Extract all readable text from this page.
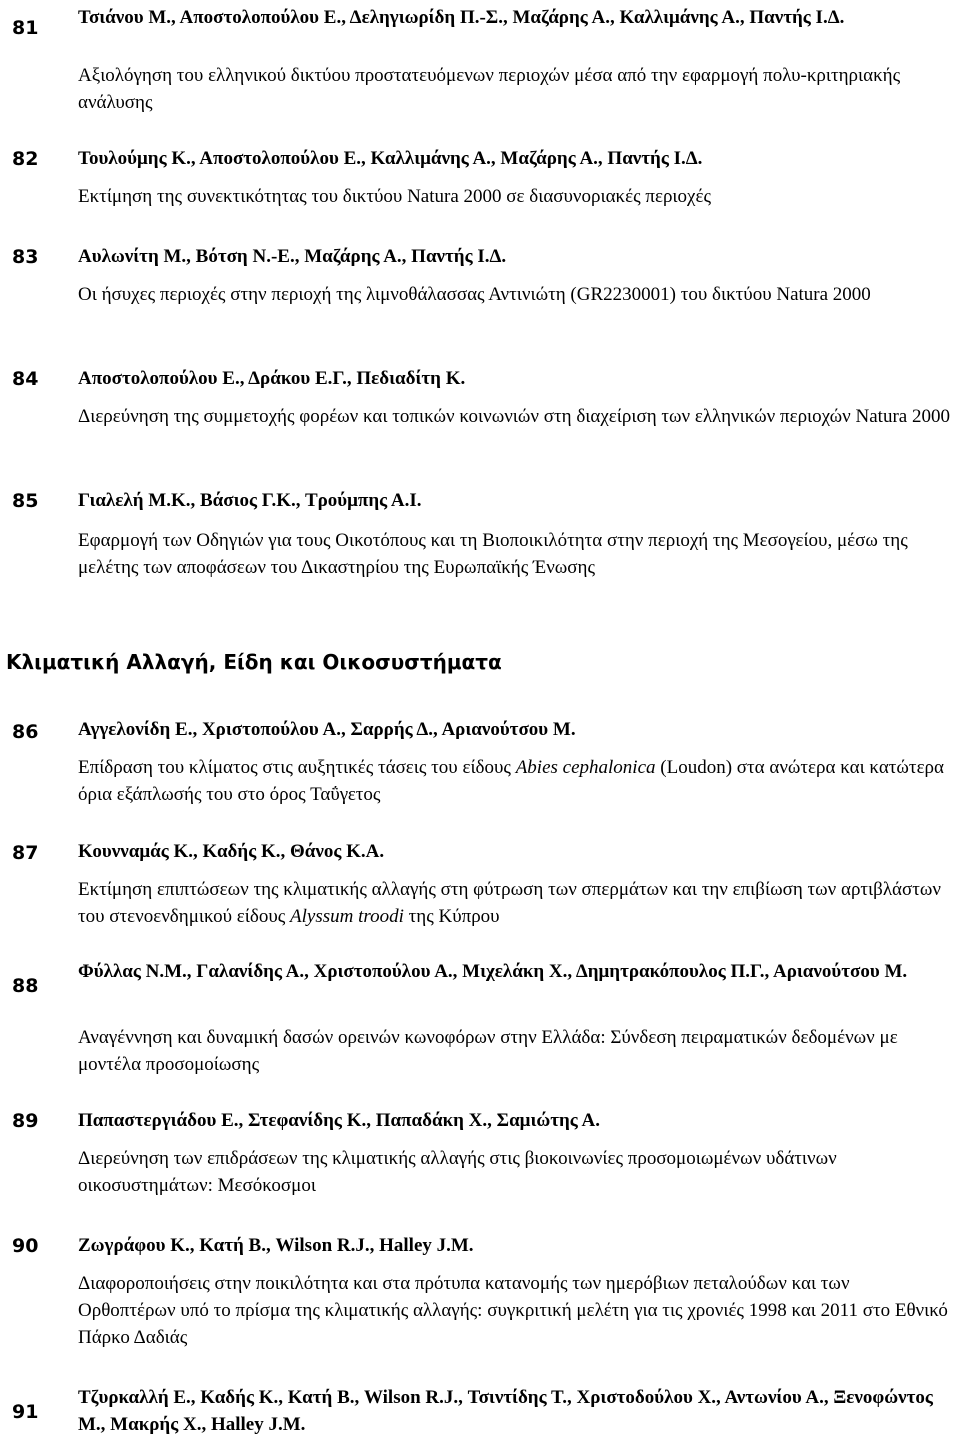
81 Τσιάνου Μ., Αποστολοπούλου Ε., Δεληγιωρίδη Π.-Σ., Μαζάρης Α., Καλλιμάνης Α., Παντής Ι.Δ.
Αξιολόγηση του ελληνικού δικτύου προστατευόμενων περιοχών μέσα από την εφαρμογή πολυ-κριτηριακής ανάλυσης
82 Τουλούμης Κ., Αποστολοπούλου Ε., Καλλιμάνης Α., Μαζάρης Α., Παντής Ι.Δ.
Εκτίμηση της συνεκτικότητας του δικτύου Natura 2000 σε διασυνοριακές περιοχές
83 Αυλωνίτη Μ., Βότση Ν.-Ε., Μαζάρης Α., Παντής Ι.Δ.
Οι ήσυχες περιοχές στην περιοχή της λιμνοθάλασσας Αντινιώτη (GR2230001) του δικτύου Natura 2000
84 Αποστολοπούλου Ε., Δράκου Ε.Γ., Πεδιαδίτη Κ.
Διερεύνηση της συμμετοχής φορέων και τοπικών κοινωνιών στη διαχείριση των ελληνικών περιοχών Natura 2000
85 Γιαλελή Μ.Κ., Βάσιος Γ.Κ., Τρούμπης Α.Ι.
Εφαρμογή των Οδηγιών για τους Οικοτόπους και τη Βιοποικιλότητα στην περιοχή της Μεσογείου, μέσω της μελέτης των αποφάσεων του Δικαστηρίου της Ευρωπαϊκής Ένωσης
Κλιματική Αλλαγή, Είδη και Οικοσυστήματα
86 Αγγελονίδη Ε., Χριστοπούλου Α., Σαρρής Δ., Αριανούτσου Μ.
Επίδραση του κλίματος στις αυξητικές τάσεις του είδους Abies cephalonica (Loudon) στα ανώτερα και κατώτερα όρια εξάπλωσής του στο όρος Ταΰγετος
87 Κουνναμάς Κ., Καδής Κ., Θάνος Κ.Α.
Εκτίμηση επιπτώσεων της κλιματικής αλλαγής στη φύτρωση των σπερμάτων και την επιβίωση των αρτιβλάστων του στενοενδημικού είδους Alyssum troodi της Κύπρου
88
Φύλλας Ν.Μ., Γαλανίδης Α., Χριστοπούλου Α., Μιχελάκη Χ., Δημητρακόπουλος Π.Γ., Αριανούτσου Μ.
Αναγέννηση και δυναμική δασών ορεινών κωνοφόρων στην Ελλάδα: Σύνδεση πειραματικών δεδομένων με μοντέλα προσομοίωσης
89 Παπαστεργιάδου Ε., Στεφανίδης Κ., Παπαδάκη Χ., Σαμιώτης Α.
Διερεύνηση των επιδράσεων της κλιματικής αλλαγής στις βιοκοινωνίες προσομοιωμένων υδάτινων οικοσυστημάτων: Μεσόκοσμοι
90 Ζωγράφου Κ., Κατή Β., Wilson R.J., Halley J.M.
Διαφοροποιήσεις στην ποικιλότητα και στα πρότυπα κατανομής των ημερόβιων πεταλούδων και των Ορθοπτέρων υπό το πρίσμα της κλιματικής αλλαγής: συγκριτική μελέτη για τις χρονιές 1998 και 2011 στο Εθνικό Πάρκο Δαδιάς
91
Τζυρκαλλή Ε., Καδής Κ., Κατή Β., Wilson R.J., Τσιντίδης Τ., Χριστοδούλου Χ., Αντωνίου Α., Ξενοφώντος Μ., Μακρής Χ., Halley J.M.
